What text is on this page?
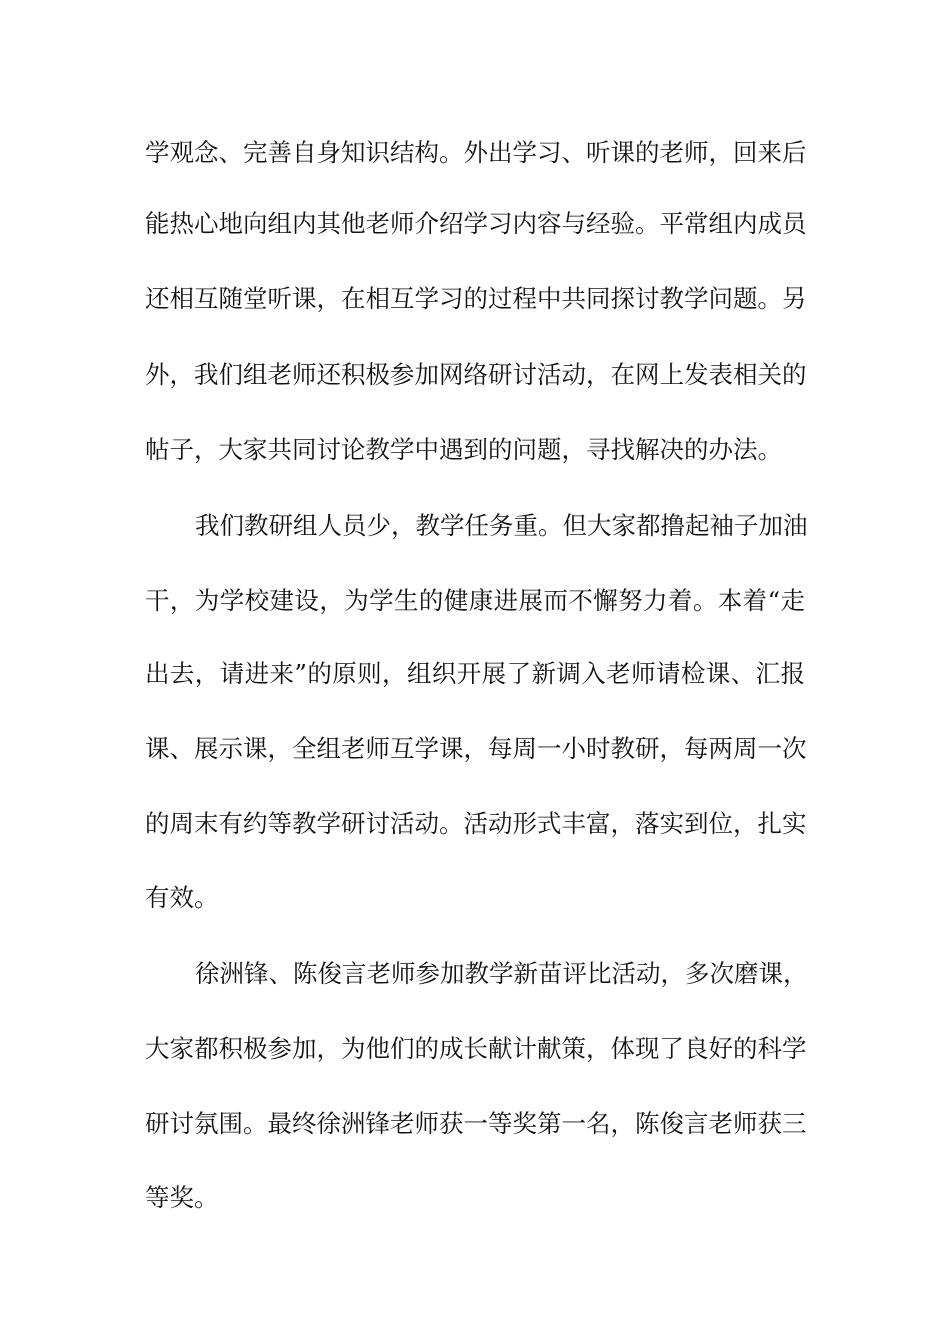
学观念、完善自身知识结构。外出学习、听课的老师，回来后
能热心地向组内其他老师介绍学习内容与经验。平常组内成员
还相互随堂听课，在相互学习的过程中共同探讨教学问题。另
外，我们组老师还积极参加网络研讨活动，在网上发表相关的
帖子，大家共同讨论教学中遇到的问题，寻找解决的办法。
我们教研组人员少，教学任务重。但大家都撸起袖子加油
干，为学校建设，为学生的健康进展而不懈努力着。本着“走
出去，请进来”的原则，组织开展了新调入老师请检课、汇报
课、展示课，全组老师互学课，每周一小时教研，每两周一次
的周末有约等教学研讨活动。活动形式丰富，落实到位，扎实
有效。
徐洲锋、陈俊言老师参加教学新苗评比活动，多次磨课，
大家都积极参加，为他们的成长献计献策，体现了良好的科学
研讨氛围。最终徐洲锋老师获一等奖第一名，陈俊言老师获三
等奖。
